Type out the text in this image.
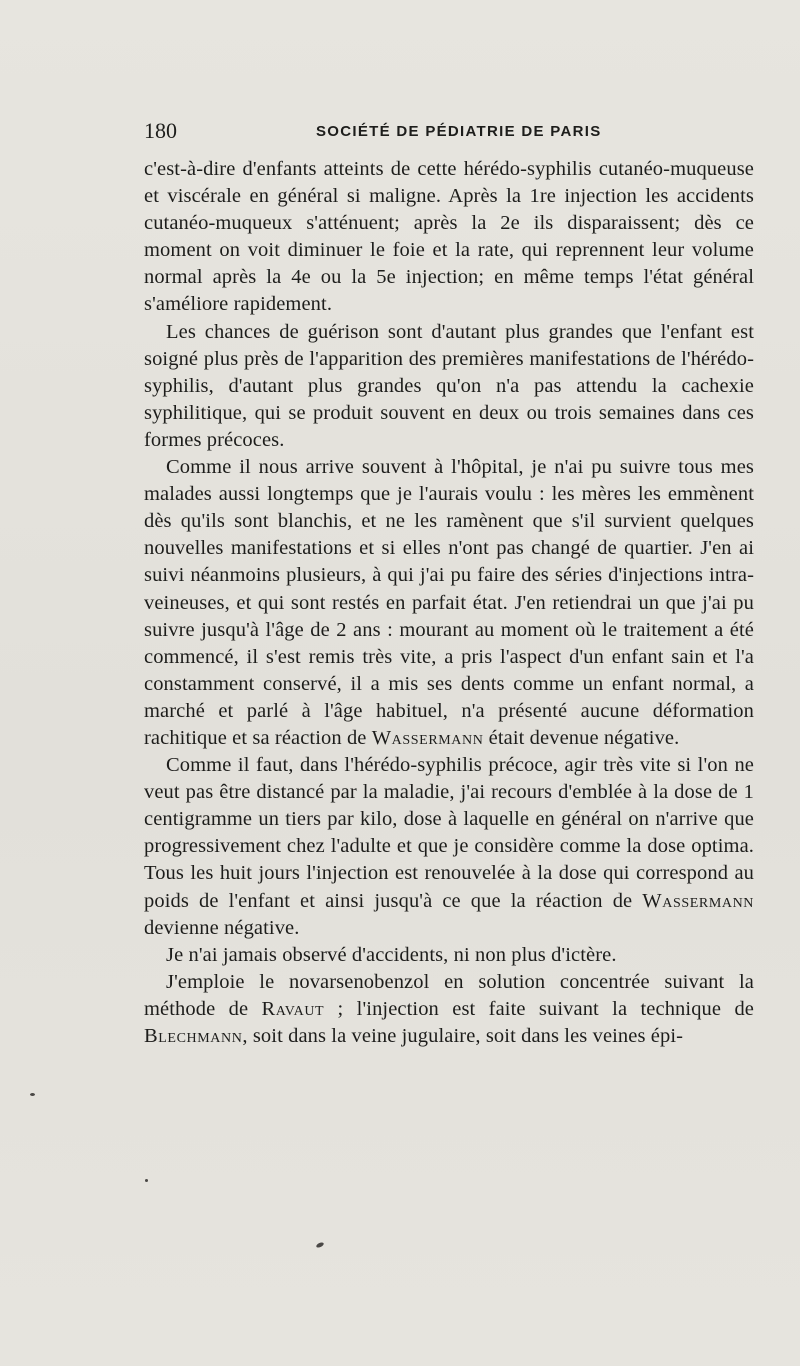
180	SOCIÉTÉ DE PÉDIATRIE DE PARIS

c'est-à-dire d'enfants atteints de cette hérédo-syphilis cutanéo-muqueuse et viscérale en général si maligne. Après la 1re injection les accidents cutanéo-muqueux s'atténuent; après la 2e ils disparaissent; dès ce moment on voit diminuer le foie et la rate, qui reprennent leur volume normal après la 4e ou la 5e injection; en même temps l'état général s'améliore rapidement.

Les chances de guérison sont d'autant plus grandes que l'enfant est soigné plus près de l'apparition des premières manifestations de l'hérédo-syphilis, d'autant plus grandes qu'on n'a pas attendu la cachexie syphilitique, qui se produit souvent en deux ou trois semaines dans ces formes précoces.

Comme il nous arrive souvent à l'hôpital, je n'ai pu suivre tous mes malades aussi longtemps que je l'aurais voulu : les mères les emmènent dès qu'ils sont blanchis, et ne les ramènent que s'il survient quelques nouvelles manifestations et si elles n'ont pas changé de quartier. J'en ai suivi néanmoins plusieurs, à qui j'ai pu faire des séries d'injections intra-veineuses, et qui sont restés en parfait état. J'en retiendrai un que j'ai pu suivre jusqu'à l'âge de 2 ans : mourant au moment où le traitement a été commencé, il s'est remis très vite, a pris l'aspect d'un enfant sain et l'a constamment conservé, il a mis ses dents comme un enfant normal, a marché et parlé à l'âge habituel, n'a présenté aucune déformation rachitique et sa réaction de Wassermann était devenue négative.

Comme il faut, dans l'hérédo-syphilis précoce, agir très vite si l'on ne veut pas être distancé par la maladie, j'ai recours d'emblée à la dose de 1 centigramme un tiers par kilo, dose à laquelle en général on n'arrive que progressivement chez l'adulte et que je considère comme la dose optima. Tous les huit jours l'injection est renouvelée à la dose qui correspond au poids de l'enfant et ainsi jusqu'à ce que la réaction de Wassermann devienne négative.

Je n'ai jamais observé d'accidents, ni non plus d'ictère.

J'emploie le novarsenobenzol en solution concentrée suivant la méthode de Ravaut ; l'injection est faite suivant la technique de Blechmann, soit dans la veine jugulaire, soit dans les veines épi-
